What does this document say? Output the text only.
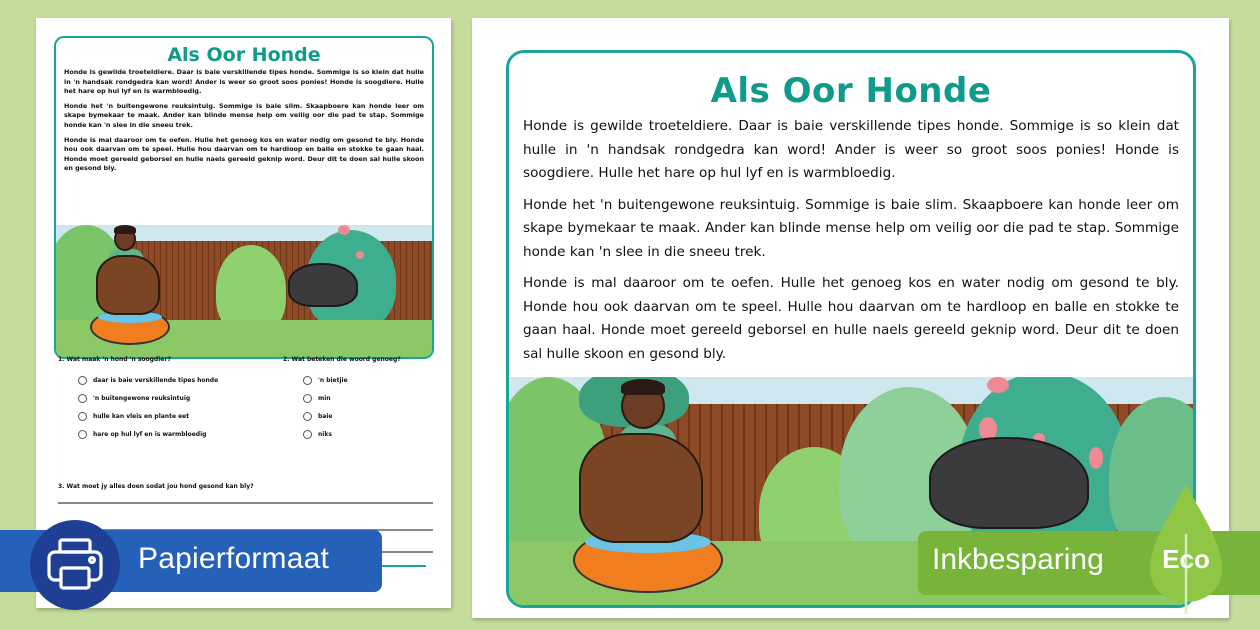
Als Oor Honde

Honde is gewilde troeteldiere. Daar is baie verskillende tipes honde. Sommige is so klein dat hulle in 'n handsak rondgedra kan word! Ander is weer so groot soos ponies! Honde is soogdiere. Hulle het hare op hul lyf en is warmbloedig.

Honde het 'n buitengewone reuksintuig. Sommige is baie slim. Skaapboere kan honde leer om skape bymekaar te maak. Ander kan blinde mense help om veilig oor die pad te stap. Sommige honde kan 'n slee in die sneeu trek.

Honde is mal daaroor om te oefen. Hulle het genoeg kos en water nodig om gesond te bly. Honde hou ook daarvan om te speel. Hulle hou daarvan om te hardloop en balle en stokke te gaan haal. Honde moet gereeld geborsel en hulle naels gereeld geknip word. Deur dit te doen sal hulle skoon en gesond bly.

1. Wat maak 'n hond 'n soogdier?
daar is baie verskillende tipes honde
'n buitengewone reuksintuig
hulle kan vleis en plante eet
hare op hul lyf en is warmbloedig
2. Wat beteken die woord genoeg?
'n bietjie
min
baie
niks
3. Wat moet jy alles doen sodat jou hond gesond kan bly?
Als Oor Honde

Honde is gewilde troeteldiere. Daar is baie verskillende tipes honde. Sommige is so klein dat hulle in 'n handsak rondgedra kan word! Ander is weer so groot soos ponies! Honde is soogdiere. Hulle het hare op hul lyf en is warmbloedig.

Honde het 'n buitengewone reuksintuig. Sommige is baie slim. Skaapboere kan honde leer om skape bymekaar te maak. Ander kan blinde mense help om veilig oor die pad te stap. Sommige honde kan 'n slee in die sneeu trek.

Honde is mal daaroor om te oefen. Hulle het genoeg kos en water nodig om gesond te bly. Honde hou ook daarvan om te speel. Hulle hou daarvan om te hardloop en balle en stokke te gaan haal. Honde moet gereeld geborsel en hulle naels gereeld geknip word. Deur dit te doen sal hulle skoon en gesond bly.

Papierformaat	Inkbesparing Eco
